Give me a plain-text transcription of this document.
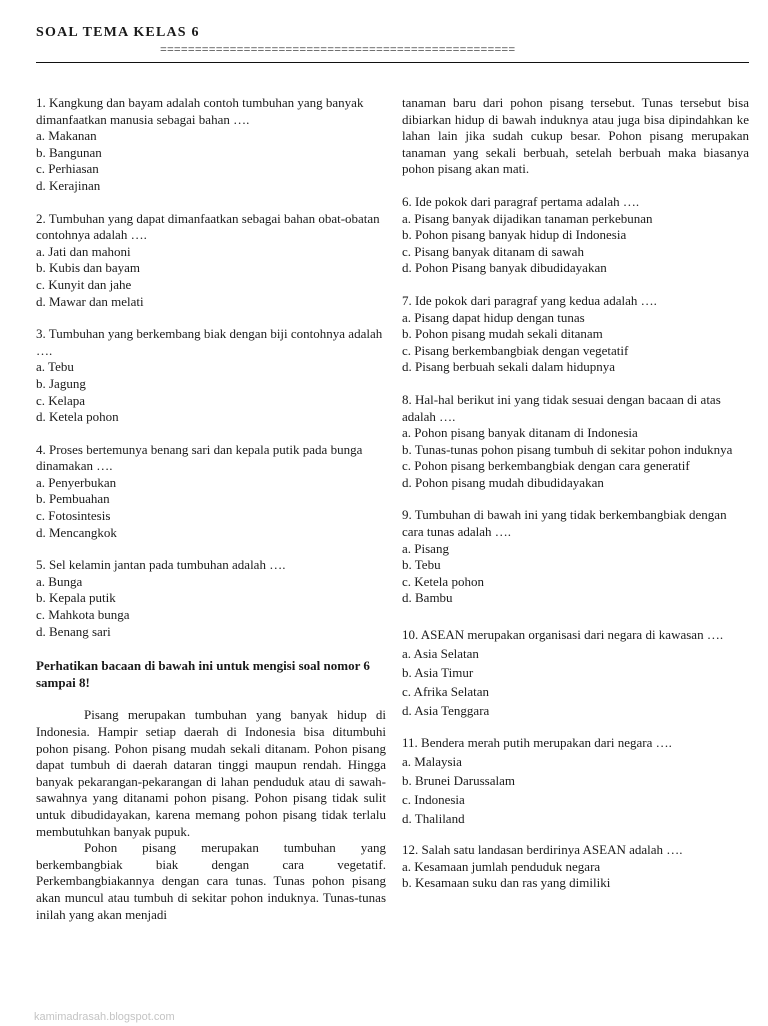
SOAL TEMA KELAS 6
===================================================

1. Kangkung dan bayam adalah contoh tumbuhan yang banyak dimanfaatkan manusia sebagai bahan ….

a. Makanan

b. Bangunan

c. Perhiasan

d. Kerajinan

2. Tumbuhan yang dapat dimanfaatkan sebagai bahan obat-obatan contohnya adalah ….

a. Jati dan mahoni

b. Kubis dan bayam

c. Kunyit dan jahe

d. Mawar dan melati

3. Tumbuhan yang berkembang biak dengan biji contohnya adalah ….

a. Tebu

b. Jagung

c. Kelapa

d. Ketela pohon

4. Proses bertemunya benang sari dan kepala putik pada bunga dinamakan ….

a. Penyerbukan

b. Pembuahan

c. Fotosintesis

d. Mencangkok

5. Sel kelamin jantan pada tumbuhan adalah ….

a. Bunga

b. Kepala putik

c. Mahkota bunga

d. Benang sari

Perhatikan bacaan di bawah ini untuk mengisi soal nomor 6 sampai 8!

Pisang merupakan tumbuhan yang banyak hidup di Indonesia. Hampir setiap daerah di Indonesia bisa ditumbuhi pohon pisang. Pohon pisang mudah sekali ditanam. Pohon pisang dapat tumbuh di daerah dataran tinggi maupun rendah. Hingga banyak pekarangan-pekarangan di lahan penduduk atau di sawah-sawahnya yang ditanami pohon pisang. Pohon pisang tidak sulit untuk dibudidayakan, karena memang pohon pisang tidak terlalu membutuhkan banyak pupuk.

Pohon pisang merupakan tumbuhan yang berkembangbiak biak dengan cara vegetatif. Perkembangbiakannya dengan cara tunas. Tunas pohon pisang akan muncul atau tumbuh di sekitar pohon induknya. Tunas-tunas inilah yang akan menjadi

tanaman baru dari pohon pisang tersebut. Tunas tersebut bisa dibiarkan hidup di bawah induknya atau juga bisa dipindahkan ke lahan lain jika sudah cukup besar. Pohon pisang merupakan tanaman yang sekali berbuah, setelah berbuah maka biasanya pohon pisang akan mati.

6. Ide pokok dari paragraf pertama adalah ….

a. Pisang banyak dijadikan tanaman perkebunan

b. Pohon pisang banyak hidup di Indonesia

c. Pisang banyak ditanam di sawah

d. Pohon Pisang banyak dibudidayakan

7. Ide pokok dari paragraf yang kedua adalah ….

a. Pisang dapat hidup dengan tunas

b. Pohon pisang mudah sekali ditanam

c. Pisang berkembangbiak dengan vegetatif

d. Pisang berbuah sekali dalam hidupnya

8. Hal-hal berikut ini yang tidak sesuai dengan bacaan di atas adalah ….

a. Pohon pisang banyak ditanam di Indonesia

b. Tunas-tunas pohon pisang tumbuh di sekitar pohon induknya

c. Pohon pisang berkembangbiak dengan cara generatif

d. Pohon pisang mudah dibudidayakan

9. Tumbuhan di bawah ini yang tidak berkembangbiak dengan cara tunas adalah ….

a. Pisang

b. Tebu

c. Ketela pohon

d. Bambu

10. ASEAN merupakan organisasi dari negara di kawasan ….

a. Asia Selatan

b. Asia Timur

c. Afrika Selatan

d. Asia Tenggara

11. Bendera merah putih merupakan dari negara ….

a. Malaysia

b. Brunei Darussalam

c. Indonesia

d. Thaliland

12. Salah satu landasan berdirinya ASEAN adalah ….

a. Kesamaan jumlah penduduk negara

b. Kesamaan suku dan ras yang dimiliki

kamimadrasah.blogspot.com
